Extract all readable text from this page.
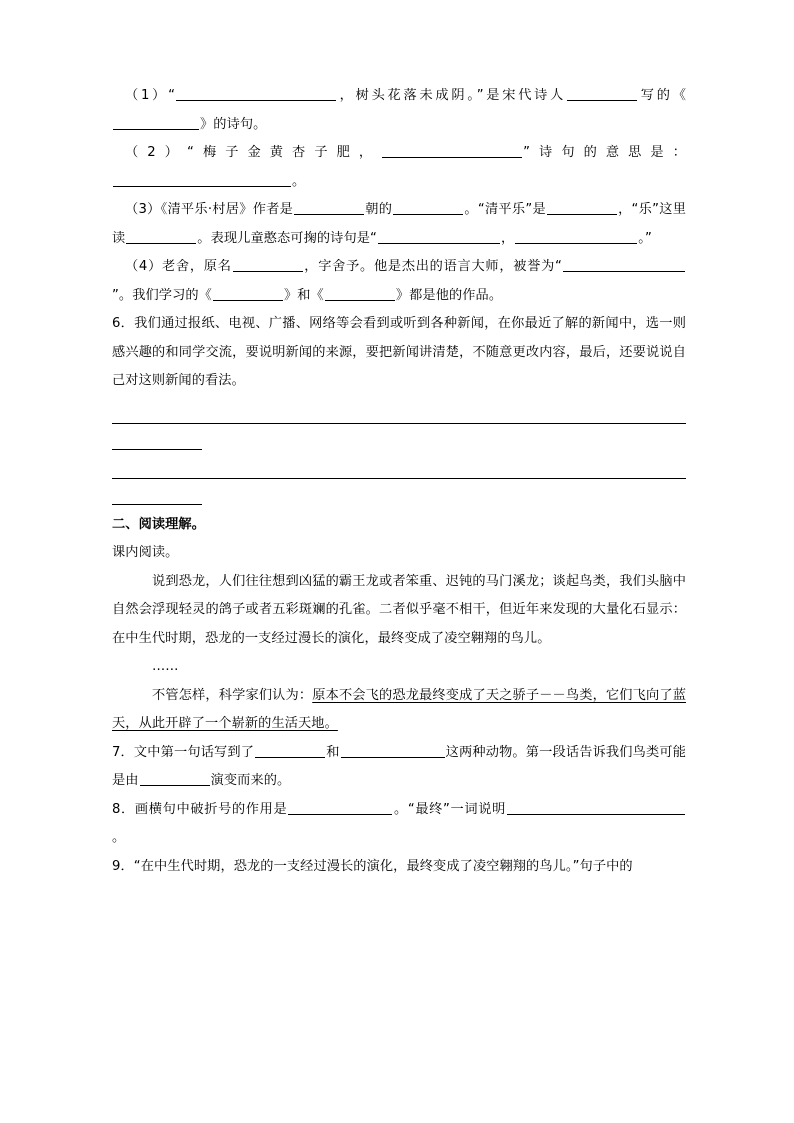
（1）“	，树头花落未成阴。”是宋代诗人	写的《》的诗句。

（2）“梅子金黄杏子肥，	”诗句的意思是：。

（3）《清平乐·村居》作者是	朝的	。“清平乐”是	，“乐”这里读	。表现儿童憨态可掬的诗句是“	，	。”

（4）老舍，原名	，字舍予。他是杰出的语言大师，被誉为“”。我们学习的《	》和《	》都是他的作品。

6．我们通过报纸、电视、广播、网络等会看到或听到各种新闻，在你最近了解的新闻中，选一则感兴趣的和同学交流，要说明新闻的来源，要把新闻讲清楚，不随意更改内容，最后，还要说说自己对这则新闻的看法。

二、阅读理解。

课内阅读。

说到恐龙，人们往往想到凶猛的霸王龙或者笨重、迟钝的马门溪龙；谈起鸟类，我们头脑中自然会浮现轻灵的鸽子或者五彩斑斓的孔雀。二者似乎毫不相干，但近年来发现的大量化石显示：在中生代时期，恐龙的一支经过漫长的演化，最终变成了凌空翱翔的鸟儿。

……

不管怎样，科学家们认为：原本不会飞的恐龙最终变成了天之骄子－－鸟类，它们飞向了蓝天，从此开辟了一个崭新的生活天地。

7．文中第一句话写到了	和	这两种动物。第一段话告诉我们鸟类可能是由	演变而来的。

8．画横句中破折号的作用是	。“最终”一词说明。

9．“在中生代时期，恐龙的一支经过漫长的演化，最终变成了凌空翱翔的鸟儿。”句子中的
